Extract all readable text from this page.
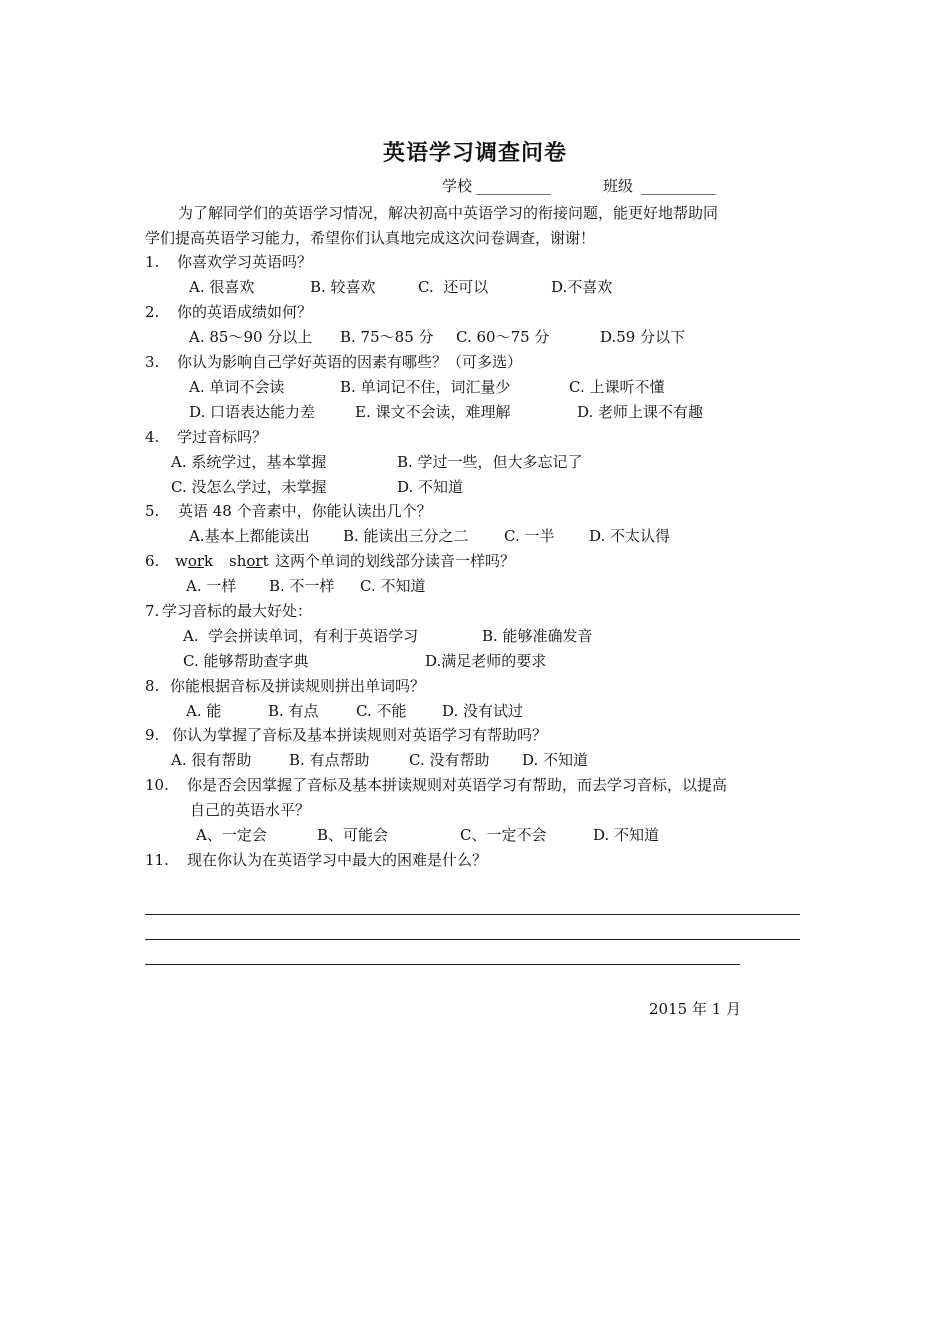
英语学习调查问卷
学校 __________	班级 __________
为了解同学们的英语学习情况，解决初高中英语学习的衔接问题，能更好地帮助同
学们提高英语学习能力，希望你们认真地完成这次问卷调查，谢谢！
1. 你喜欢学习英语吗？
A. 很喜欢	B. 较喜欢	C.  还可以	D.不喜欢
2. 你的英语成绩如何？
A. 85～90 分以上 B. 75～85 分 C. 60～75 分	D.59 分以下
3. 你认为影响自己学好英语的因素有哪些？（可多选）
A. 单词不会读	B. 单词记不住，词汇量少	C. 上课听不懂
D. 口语表达能力差	E. 课文不会读，难理解	D. 老师上课不有趣
4. 学过音标吗？
A. 系统学过，基本掌握	B. 学过一些，但大多忘记了
C. 没怎么学过，未掌握	D. 不知道
5. 英语 48 个音素中，你能认读出几个？
A.基本上都能读出 B. 能读出三分之二 C. 一半 D. 不太认得
6. work short 这两个单词的划线部分读音一样吗？
A. 一样 B. 不一样 C. 不知道
7. 学习音标的最大好处：
A.  学会拼读单词，有利于英语学习	B. 能够准确发音
C. 能够帮助查字典	D.满足老师的要求
8. 你能根据音标及拼读规则拼出单词吗？
A. 能	B. 有点 C. 不能 D. 没有试过
9. 你认为掌握了音标及基本拼读规则对英语学习有帮助吗？
A. 很有帮助	B. 有点帮助	C. 没有帮助 D. 不知道
10. 你是否会因掌握了音标及基本拼读规则对英语学习有帮助，而去学习音标，以提高
自己的英语水平？
A、一定会	B、可能会	C、一定不会	D. 不知道
11. 现在你认为在英语学习中最大的困难是什么？
2015 年 1 月
